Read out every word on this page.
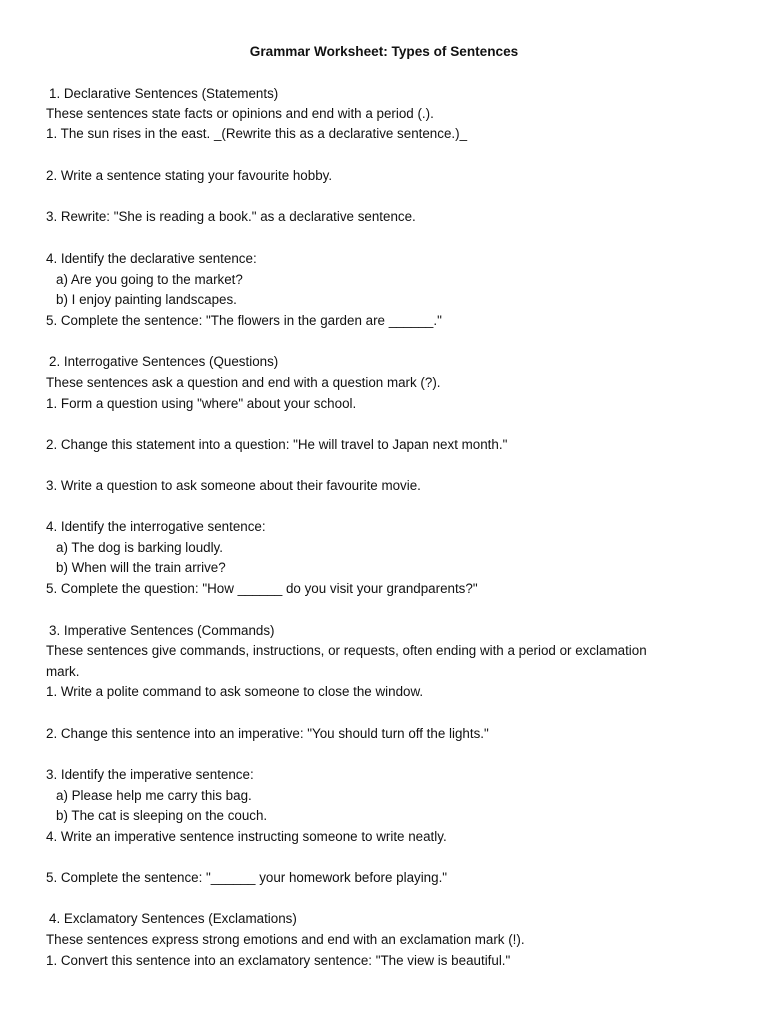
Grammar Worksheet: Types of Sentences
1. Declarative Sentences (Statements)
These sentences state facts or opinions and end with a period (.).
1. The sun rises in the east. _(Rewrite this as a declarative sentence.)_
2. Write a sentence stating your favourite hobby.
3. Rewrite: "She is reading a book." as a declarative sentence.
4. Identify the declarative sentence:
a) Are you going to the market?
b) I enjoy painting landscapes.
5. Complete the sentence: "The flowers in the garden are ______."
2. Interrogative Sentences (Questions)
These sentences ask a question and end with a question mark (?).
1. Form a question using "where" about your school.
2. Change this statement into a question: "He will travel to Japan next month."
3. Write a question to ask someone about their favourite movie.
4. Identify the interrogative sentence:
a) The dog is barking loudly.
b) When will the train arrive?
5. Complete the question: "How ______ do you visit your grandparents?"
3. Imperative Sentences (Commands)
These sentences give commands, instructions, or requests, often ending with a period or exclamation
mark.
1. Write a polite command to ask someone to close the window.
2. Change this sentence into an imperative: "You should turn off the lights."
3. Identify the imperative sentence:
a) Please help me carry this bag.
b) The cat is sleeping on the couch.
4. Write an imperative sentence instructing someone to write neatly.
5. Complete the sentence: "______ your homework before playing."
4. Exclamatory Sentences (Exclamations)
These sentences express strong emotions and end with an exclamation mark (!).
1. Convert this sentence into an exclamatory sentence: "The view is beautiful."
